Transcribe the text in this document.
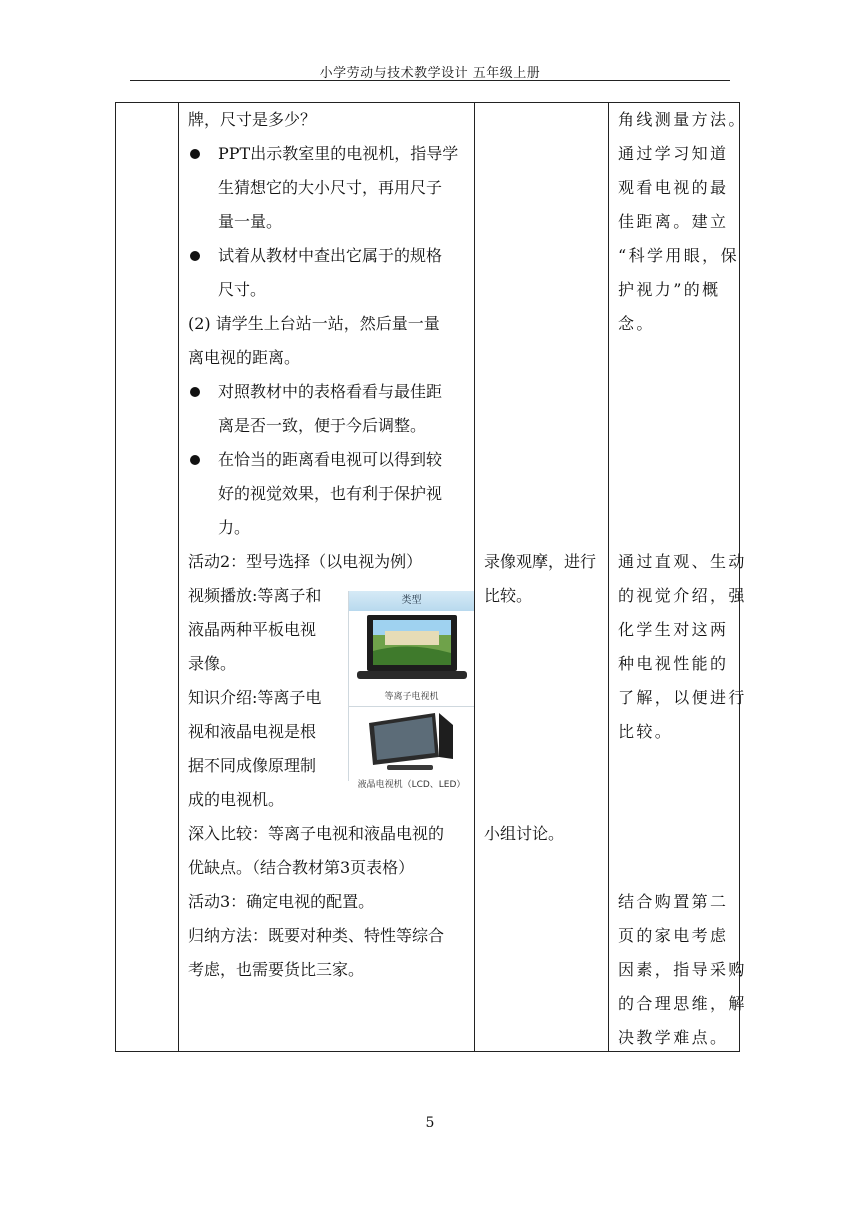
小学劳动与技术教学设计 五年级上册
牌，尺寸是多少？
PPT出示教室里的电视机，指导学
生猜想它的大小尺寸，再用尺子
量一量。
试着从教材中查出它属于的规格
尺寸。
(2) 请学生上台站一站，然后量一量
离电视的距离。
对照教材中的表格看看与最佳距
离是否一致，便于今后调整。
在恰当的距离看电视可以得到较
好的视觉效果，也有利于保护视
力。
活动2：型号选择（以电视为例）
视频播放:等离子和
液晶两种平板电视
录像。
知识介绍:等离子电
视和液晶电视是根
据不同成像原理制
成的电视机。
深入比较：等离子电视和液晶电视的
优缺点。（结合教材第3页表格）
活动3：确定电视的配置。
归纳方法：既要对种类、特性等综合
考虑，也需要货比三家。
类型
等离子电视机
液晶电视机（LCD、LED）
录像观摩，进行
比较。
小组讨论。
角线测量方法。
通过学习知道
观看电视的最
佳距离。建立
“科学用眼，保
护视力”的概
念。
通过直观、生动
的视觉介绍，强
化学生对这两
种电视性能的
了解，以便进行
比较。
结合购置第二
页的家电考虑
因素，指导采购
的合理思维，解
决教学难点。
5
